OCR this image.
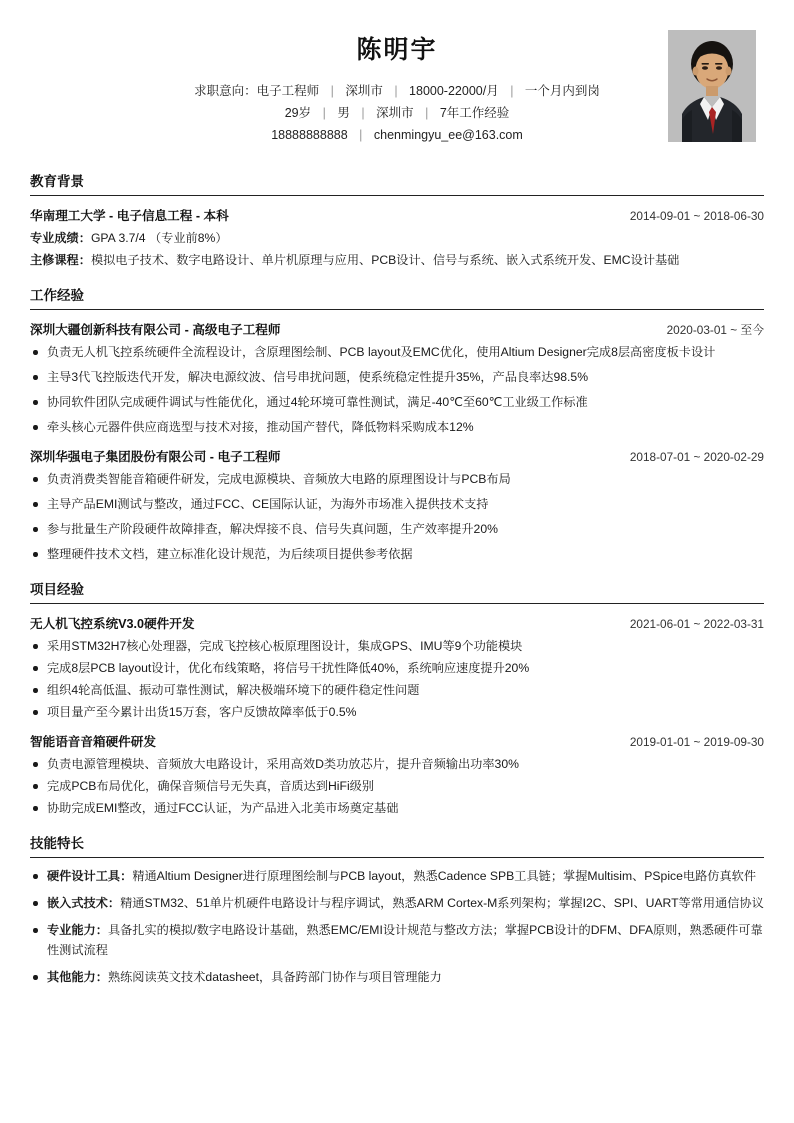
陈明宇
求职意向：电子工程师 | 深圳市 | 18000-22000/月 | 一个月内到岗
29岁 | 男 | 深圳市 | 7年工作经验
18888888888 | chenmingyu_ee@163.com
教育背景
华南理工大学 - 电子信息工程 - 本科	2014-09-01 ~ 2018-06-30
专业成绩：GPA 3.7/4 （专业前8%）
主修课程：模拟电子技术、数字电路设计、单片机原理与应用、PCB设计、信号与系统、嵌入式系统开发、EMC设计基础
工作经验
深圳大疆创新科技有限公司 - 高级电子工程师	2020-03-01 ~ 至今
负责无人机飞控系统硬件全流程设计，含原理图绘制、PCB layout及EMC优化，使用Altium Designer完成8层高密度板卡设计
主导3代飞控版迭代开发，解决电源纹波、信号串扰问题，使系统稳定性提升35%，产品良率达98.5%
协同软件团队完成硬件调试与性能优化，通过4轮环境可靠性测试，满足-40℃至60℃工业级工作标准
牵头核心元器件供应商选型与技术对接，推动国产替代，降低物料采购成本12%
深圳华强电子集团股份有限公司 - 电子工程师	2018-07-01 ~ 2020-02-29
负责消费类智能音箱硬件研发，完成电源模块、音频放大电路的原理图设计与PCB布局
主导产品EMI测试与整改，通过FCC、CE国际认证，为海外市场准入提供技术支持
参与批量生产阶段硬件故障排查，解决焊接不良、信号失真问题，生产效率提升20%
整理硬件技术文档，建立标准化设计规范，为后续项目提供参考依据
项目经验
无人机飞控系统V3.0硬件开发	2021-06-01 ~ 2022-03-31
采用STM32H7核心处理器，完成飞控核心板原理图设计，集成GPS、IMU等9个功能模块
完成8层PCB layout设计，优化布线策略，将信号干扰性降低40%，系统响应速度提升20%
组织4轮高低温、振动可靠性测试，解决极端环境下的硬件稳定性问题
项目量产至今累计出货15万套，客户反馈故障率低于0.5%
智能语音音箱硬件研发	2019-01-01 ~ 2019-09-30
负责电源管理模块、音频放大电路设计，采用高效D类功放芯片，提升音频输出功率30%
完成PCB布局优化，确保音频信号无失真，音质达到HiFi级别
协助完成EMI整改，通过FCC认证，为产品进入北美市场奠定基础
技能特长
硬件设计工具：精通Altium Designer进行原理图绘制与PCB layout，熟悉Cadence SPB工具链；掌握Multisim、PSpice电路仿真软件
嵌入式技术：精通STM32、51单片机硬件电路设计与程序调试，熟悉ARM Cortex-M系列架构；掌握I2C、SPI、UART等常用通信协议
专业能力：具备扎实的模拟/数字电路设计基础，熟悉EMC/EMI设计规范与整改方法；掌握PCB设计的DFM、DFA原则，熟悉硬件可靠性测试流程
其他能力：熟练阅读英文技术datasheet，具备跨部门协作与项目管理能力
